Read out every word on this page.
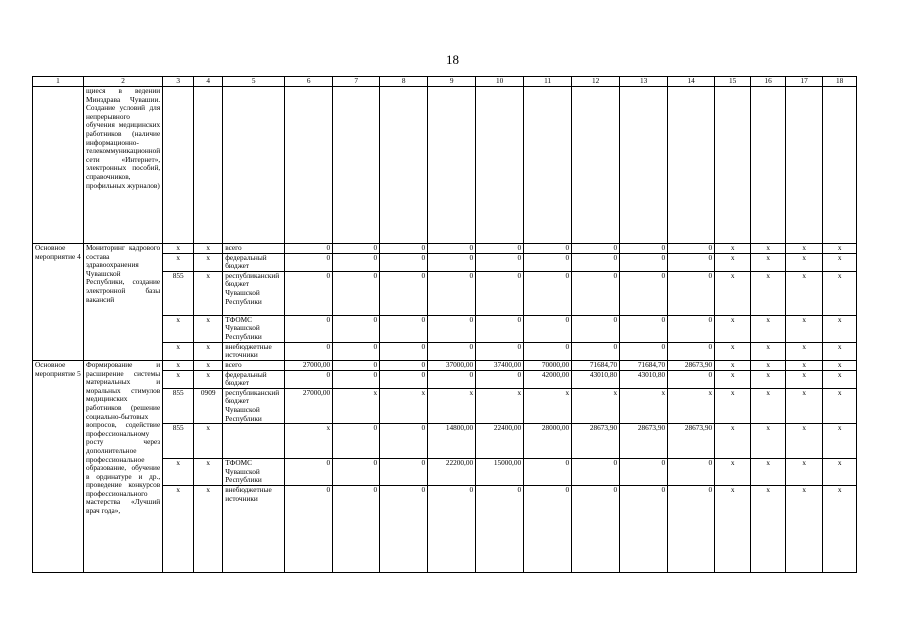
18
1	2	3	4	5	6	7	8	9	10	11	12	13	14	15	16	17	18
	щиеся в ведении Минздрава Чувашии. Создание условий для непрерывного обучения медицинских работников (наличие информационно-телекоммуникационной сети «Интернет», электронных пособий, справочников, профильных журналов)																
Основное мероприятие 4	Мониторинг кадрового состава здравоохранения Чувашской Республики, создание электронной базы вакансий	x	x	всего	0	0	0	0	0	0	0	0	0	x	x	x	x
		x	x	федеральный бюджет	0	0	0	0	0	0	0	0	0	x	x	x	x
		855	x	республиканский бюджет Чувашской Республики	0	0	0	0	0	0	0	0	0	x	x	x	x
		x	x	ТФОМС Чувашской Республики	0	0	0	0	0	0	0	0	0	x	x	x	x
		x	x	внебюджетные источники	0	0	0	0	0	0	0	0	0	x	x	x	x
Основное мероприятие 5	Формирование и расширение системы материальных и моральных стимулов медицинских работников (решение социально-бытовых вопросов, содействие профессиональному росту через дополнительное профессиональное образование, обучение в ординатуре и др., проведение конкурсов профессионального мастерства «Лучший врач года»,	x	x	всего	27000,00	0	0	37000,00	37400,00	70000,00	71684,70	71684,70	28673,90	x	x	x	x
		x	x	федеральный бюджет	0	0	0	0	0	42000,00	43010,80	43010,80	0	x	x	x	x
		855	0909	республиканский бюджет Чувашской Республики	27000,00	x	x	x	x	x	x	x	x	x	x	x	x
		855	x		x	0	0	14800,00	22400,00	28000,00	28673,90	28673,90	28673,90	x	x	x	x
		x	x	ТФОМС Чувашской Республики	0	0	0	22200,00	15000,00	0	0	0	0	x	x	x	x
		x	x	внебюджетные источники	0	0	0	0	0	0	0	0	0	x	x	x	x
